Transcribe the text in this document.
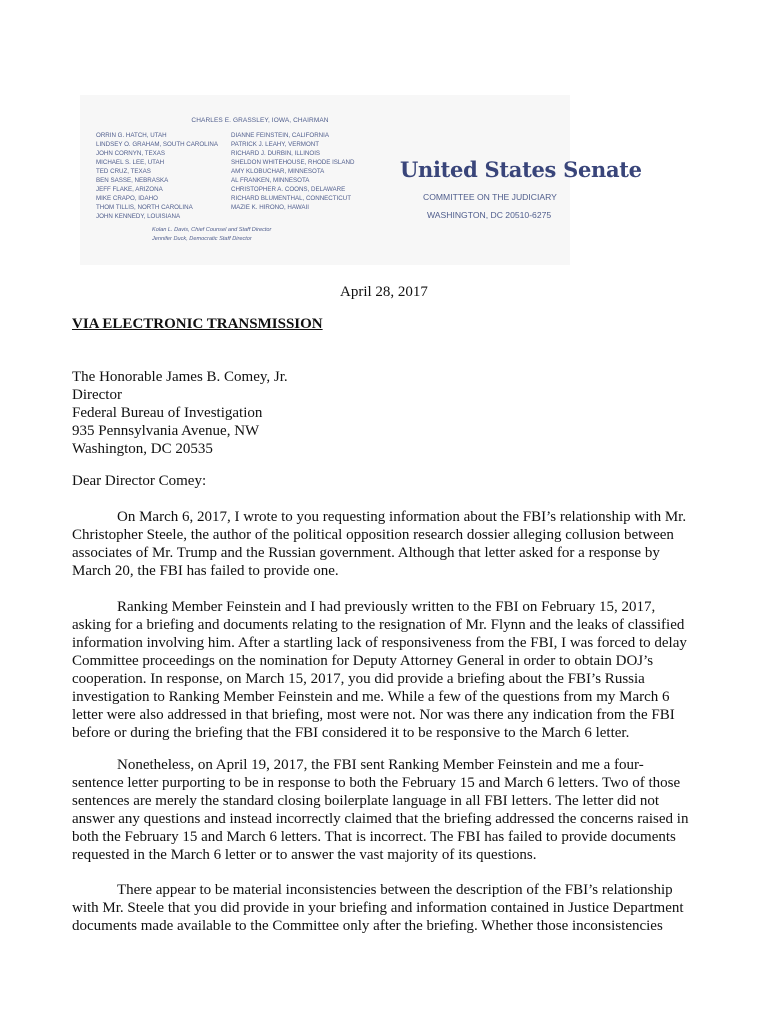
CHARLES E. GRASSLEY, IOWA, CHAIRMAN
ORRIN G. HATCH, UTAH
LINDSEY O. GRAHAM, SOUTH CAROLINA
JOHN CORNYN, TEXAS
MICHAEL S. LEE, UTAH
TED CRUZ, TEXAS
BEN SASSE, NEBRASKA
JEFF FLAKE, ARIZONA
MIKE CRAPO, IDAHO
THOM TILLIS, NORTH CAROLINA
JOHN KENNEDY, LOUISIANA
DIANNE FEINSTEIN, CALIFORNIA
PATRICK J. LEAHY, VERMONT
RICHARD J. DURBIN, ILLINOIS
SHELDON WHITEHOUSE, RHODE ISLAND
AMY KLOBUCHAR, MINNESOTA
AL FRANKEN, MINNESOTA
CHRISTOPHER A. COONS, DELAWARE
RICHARD BLUMENTHAL, CONNECTICUT
MAZIE K. HIRONO, HAWAII
Kolan L. Davis, Chief Counsel and Staff Director
Jennifer Duck, Democratic Staff Director
United States Senate
COMMITTEE ON THE JUDICIARY
WASHINGTON, DC 20510-6275
April 28, 2017
VIA ELECTRONIC TRANSMISSION
The Honorable James B. Comey, Jr.
Director
Federal Bureau of Investigation
935 Pennsylvania Avenue, NW
Washington, DC 20535
Dear Director Comey:
On March 6, 2017, I wrote to you requesting information about the FBI’s relationship with Mr.
Christopher Steele, the author of the political opposition research dossier alleging collusion between
associates of Mr. Trump and the Russian government. Although that letter asked for a response by
March 20, the FBI has failed to provide one.
Ranking Member Feinstein and I had previously written to the FBI on February 15, 2017,
asking for a briefing and documents relating to the resignation of Mr. Flynn and the leaks of classified
information involving him. After a startling lack of responsiveness from the FBI, I was forced to delay
Committee proceedings on the nomination for Deputy Attorney General in order to obtain DOJ’s
cooperation. In response, on March 15, 2017, you did provide a briefing about the FBI’s Russia
investigation to Ranking Member Feinstein and me. While a few of the questions from my March 6
letter were also addressed in that briefing, most were not. Nor was there any indication from the FBI
before or during the briefing that the FBI considered it to be responsive to the March 6 letter.
Nonetheless, on April 19, 2017, the FBI sent Ranking Member Feinstein and me a four-
sentence letter purporting to be in response to both the February 15 and March 6 letters. Two of those
sentences are merely the standard closing boilerplate language in all FBI letters. The letter did not
answer any questions and instead incorrectly claimed that the briefing addressed the concerns raised in
both the February 15 and March 6 letters. That is incorrect. The FBI has failed to provide documents
requested in the March 6 letter or to answer the vast majority of its questions.
There appear to be material inconsistencies between the description of the FBI’s relationship
with Mr. Steele that you did provide in your briefing and information contained in Justice Department
documents made available to the Committee only after the briefing. Whether those inconsistencies
